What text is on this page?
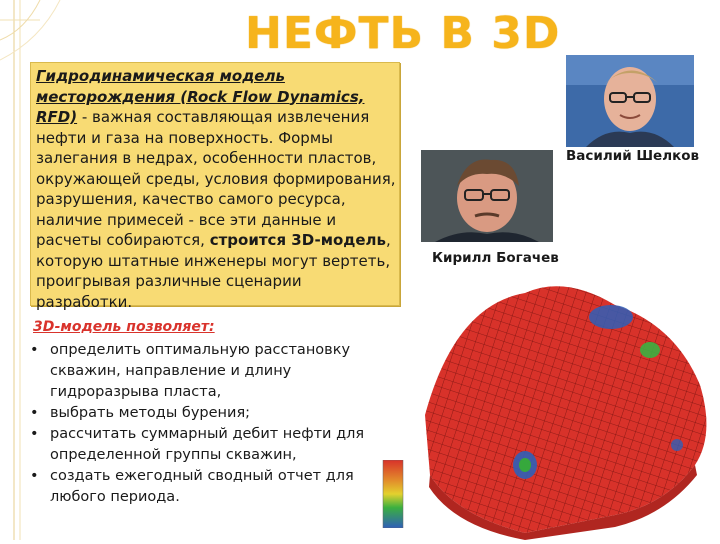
НЕФТЬ В 3D
Гидродинамическая модель месторождения (Rock Flow Dynamics, RFD) - важная составляющая извлечения нефти и газа на поверхность. Формы залегания в недрах, особенности пластов, окружающей среды, условия формирования, разрушения, качество самого ресурса, наличие примесей - все эти данные и расчеты собираются, строится 3D-модель, которую штатные инженеры могут вертеть, проигрывая различные сценарии разработки.
3D-модель позволяет:
• определить оптимальную расстановку скважин, направление и длину гидроразрыва пласта,
• выбрать методы бурения;
• рассчитать суммарный дебит нефти для определенной группы скважин,
• создать ежегодный сводный отчет для любого периода.
Василий Шелков
Кирилл Богачев
